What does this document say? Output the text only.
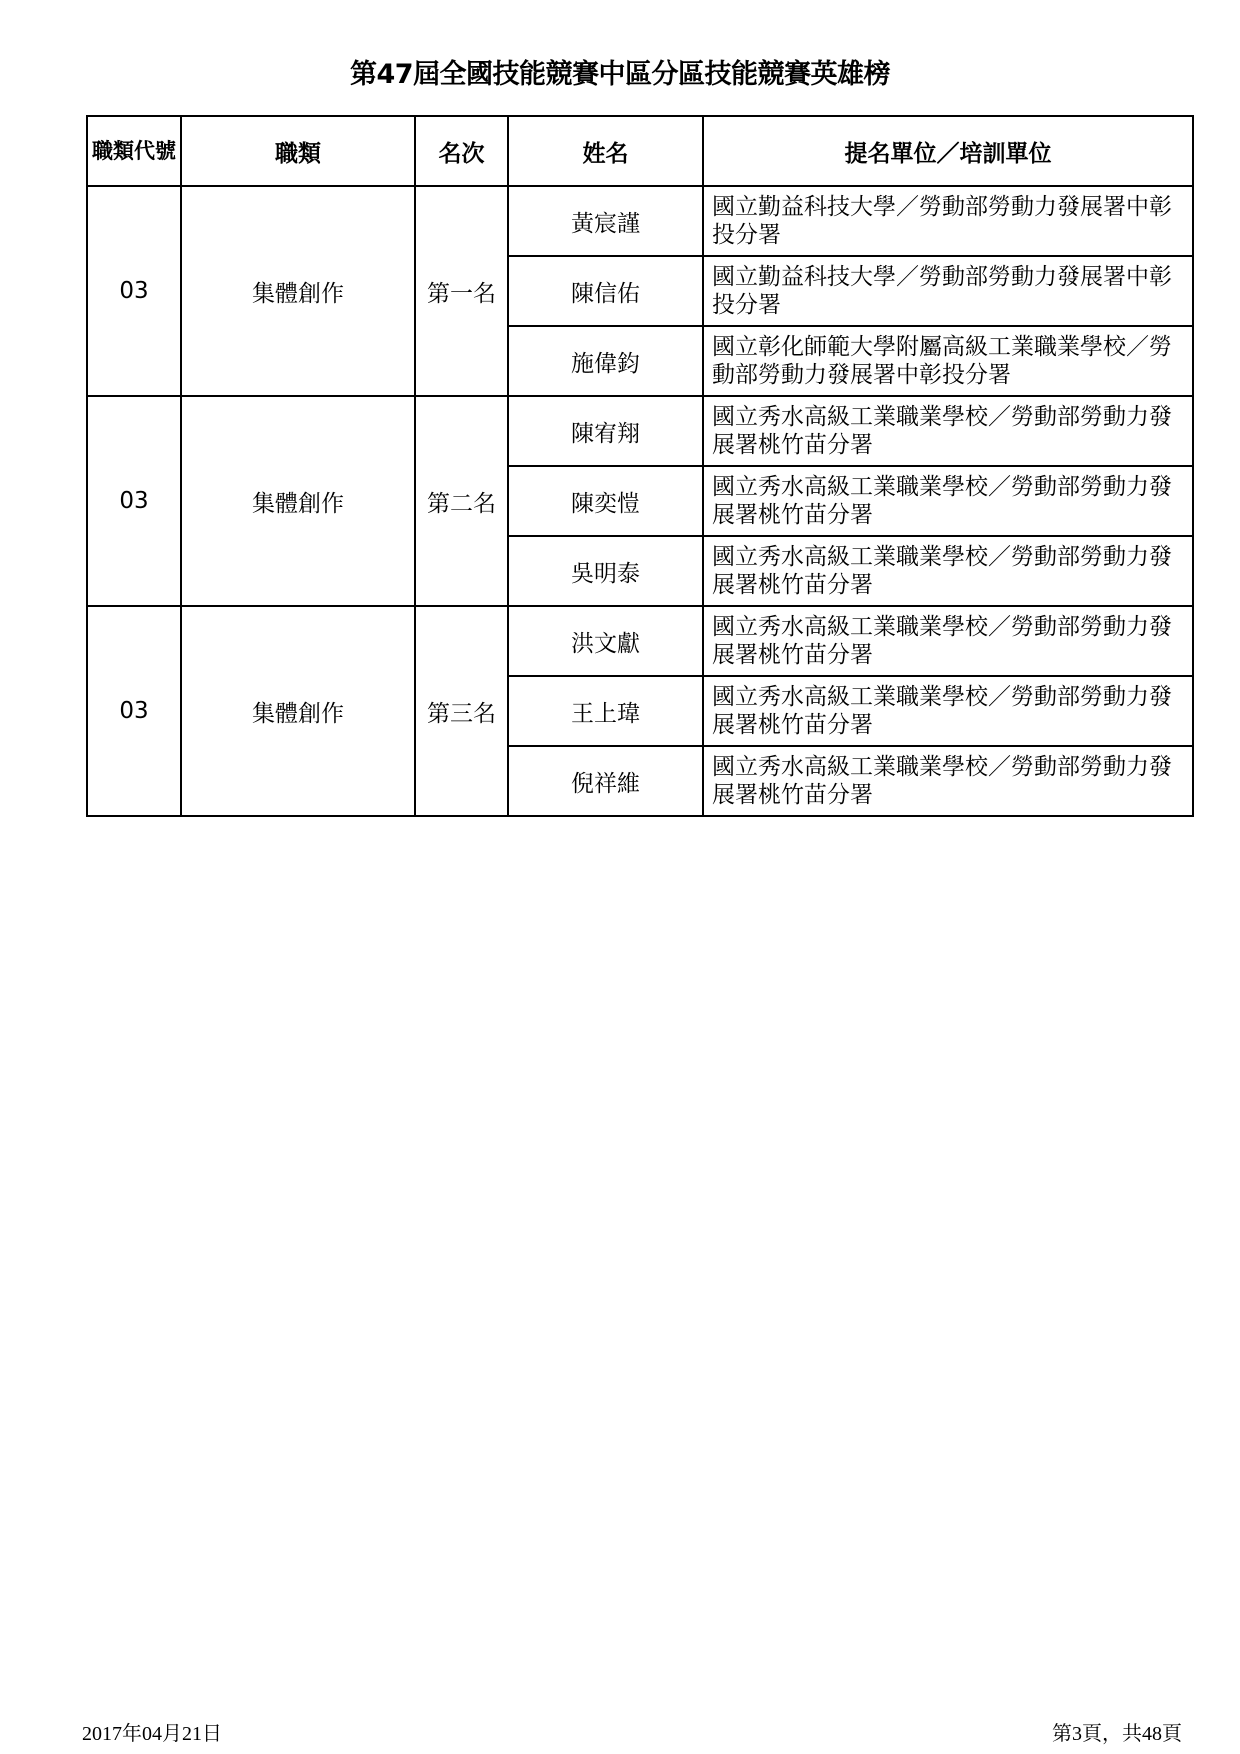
第47屆全國技能競賽中區分區技能競賽英雄榜
職類代號	職類	名次	姓名	提名單位／培訓單位
03	集體創作	第一名	黃宸謹	國立勤益科技大學／勞動部勞動力發展署中彰投分署
			陳信佑	國立勤益科技大學／勞動部勞動力發展署中彰投分署
			施偉鈞	國立彰化師範大學附屬高級工業職業學校／勞動部勞動力發展署中彰投分署
03	集體創作	第二名	陳宥翔	國立秀水高級工業職業學校／勞動部勞動力發展署桃竹苗分署
			陳奕愷	國立秀水高級工業職業學校／勞動部勞動力發展署桃竹苗分署
			吳明泰	國立秀水高級工業職業學校／勞動部勞動力發展署桃竹苗分署
03	集體創作	第三名	洪文獻	國立秀水高級工業職業學校／勞動部勞動力發展署桃竹苗分署
			王上瑋	國立秀水高級工業職業學校／勞動部勞動力發展署桃竹苗分署
			倪祥維	國立秀水高級工業職業學校／勞動部勞動力發展署桃竹苗分署
2017年04月21日	第3頁，共48頁
